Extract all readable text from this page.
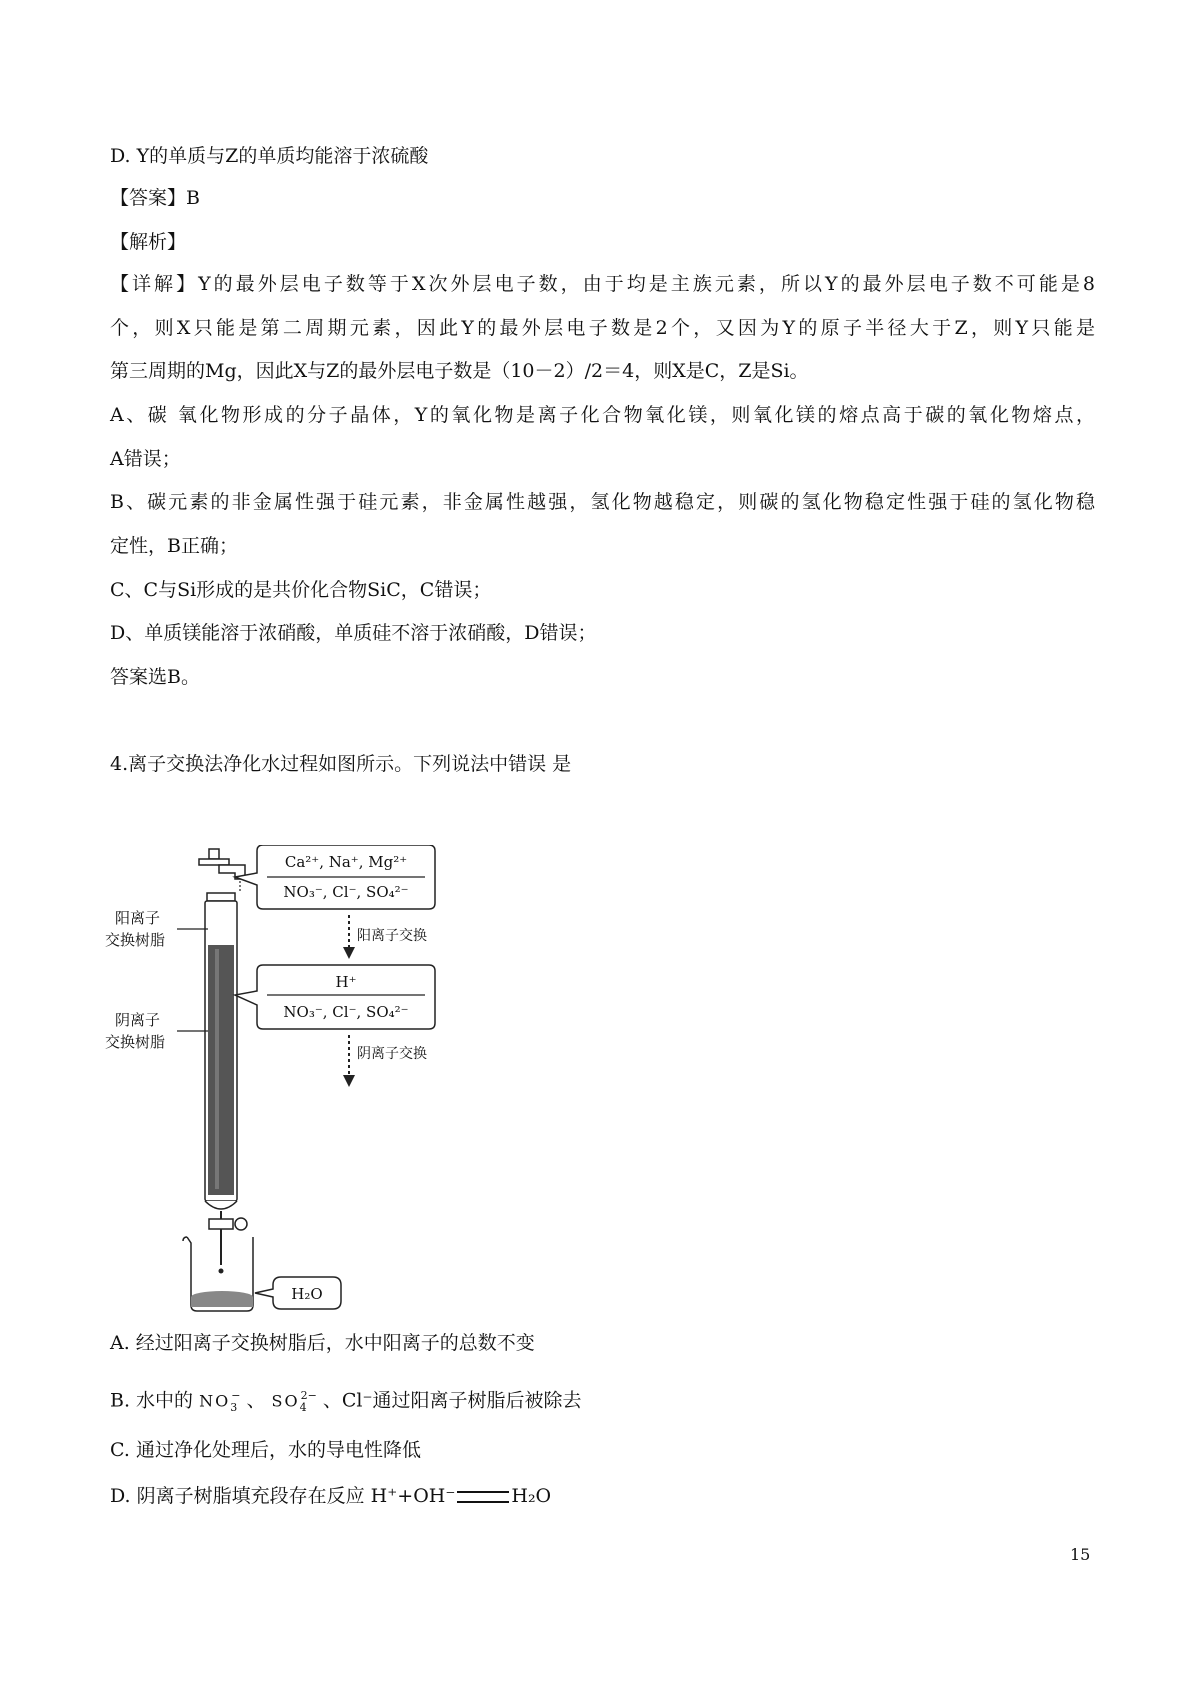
D. Y的单质与Z的单质均能溶于浓硫酸
【答案】B
【解析】
【详解】Y的最外层电子数等于X次外层电子数，由于均是主族元素，所以Y的最外层电子数不可能是8
个，则X只能是第二周期元素，因此Y的最外层电子数是2个，又因为Y的原子半径大于Z，则Y只能是
第三周期的Mg，因此X与Z的最外层电子数是（10－2）/2＝4，则X是C，Z是Si。
A、碳 氧化物形成的分子晶体，Y的氧化物是离子化合物氧化镁，则氧化镁的熔点高于碳的氧化物熔点，
A错误；
B、碳元素的非金属性强于硅元素，非金属性越强，氢化物越稳定，则碳的氢化物稳定性强于硅的氢化物稳
定性，B正确；
C、C与Si形成的是共价化合物SiC，C错误；
D、单质镁能溶于浓硝酸，单质硅不溶于浓硝酸，D错误；
答案选B。
4.离子交换法净化水过程如图所示。下列说法中错误 是
阳离子
交换树脂
阴离子
交换树脂
Ca²⁺, Na⁺, Mg²⁺
NO₃⁻, Cl⁻, SO₄²⁻
阳离子交换
H⁺
NO₃⁻, Cl⁻, SO₄²⁻
阴离子交换
H₂O
A. 经过阳离子交换树脂后，水中阳离子的总数不变
B. 水中的 $NO_3^-$ 、 $SO_4^{2-}$ 、Cl⁻通过阳离子树脂后被除去
C. 通过净化处理后，水的导电性降低
D. 阴离子树脂填充段存在反应 H⁺+OH⁻	H₂O
15
